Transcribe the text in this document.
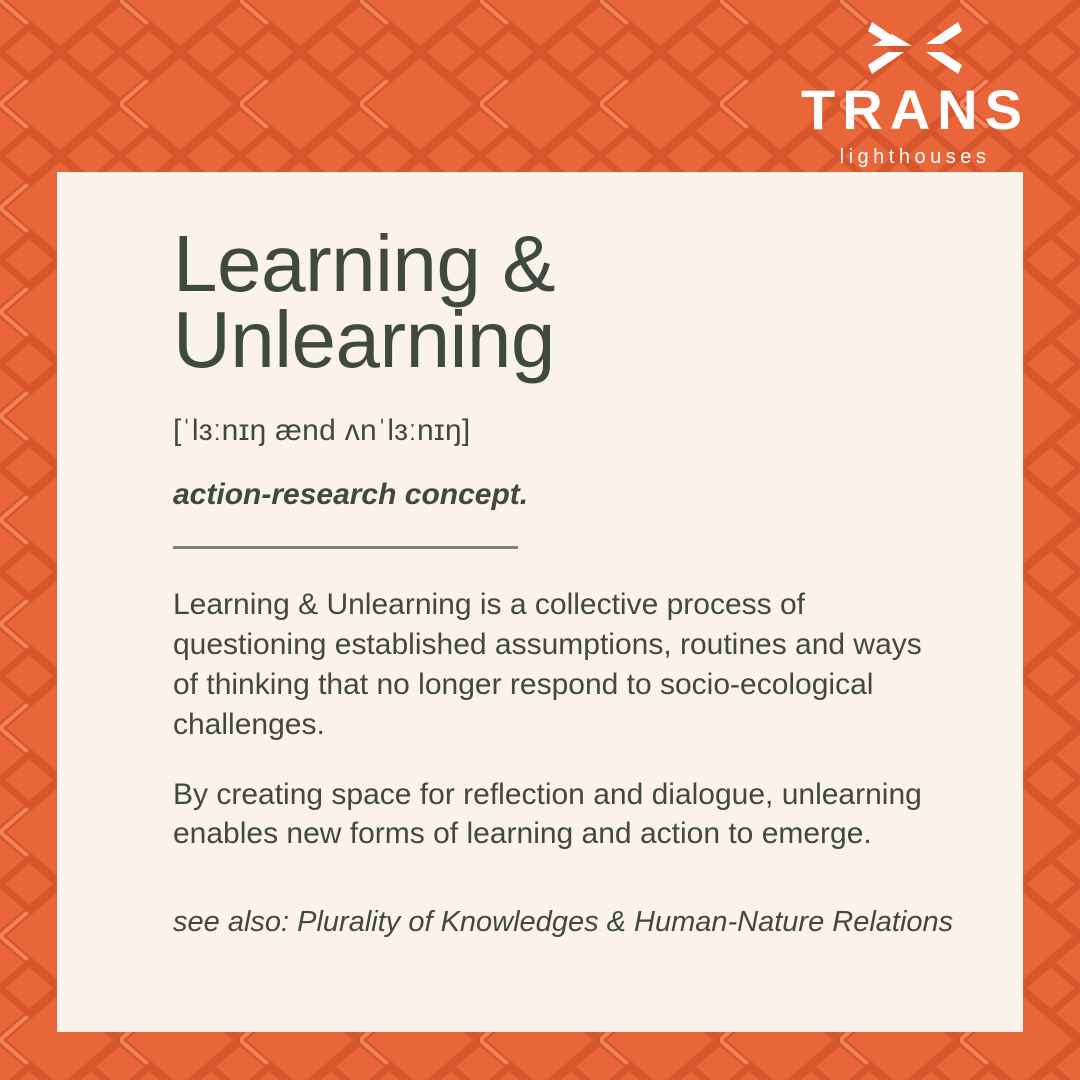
TRANS
lighthouses
Learning & Unlearning
[ˈlɜːnɪŋ ænd ʌnˈlɜːnɪŋ]
action-research concept.

Learning & Unlearning is a collective process of questioning established assumptions, routines and ways of thinking that no longer respond to socio-ecological challenges.

By creating space for reflection and dialogue, unlearning enables new forms of learning and action to emerge.

see also: Plurality of Knowledges & Human-Nature Relations
